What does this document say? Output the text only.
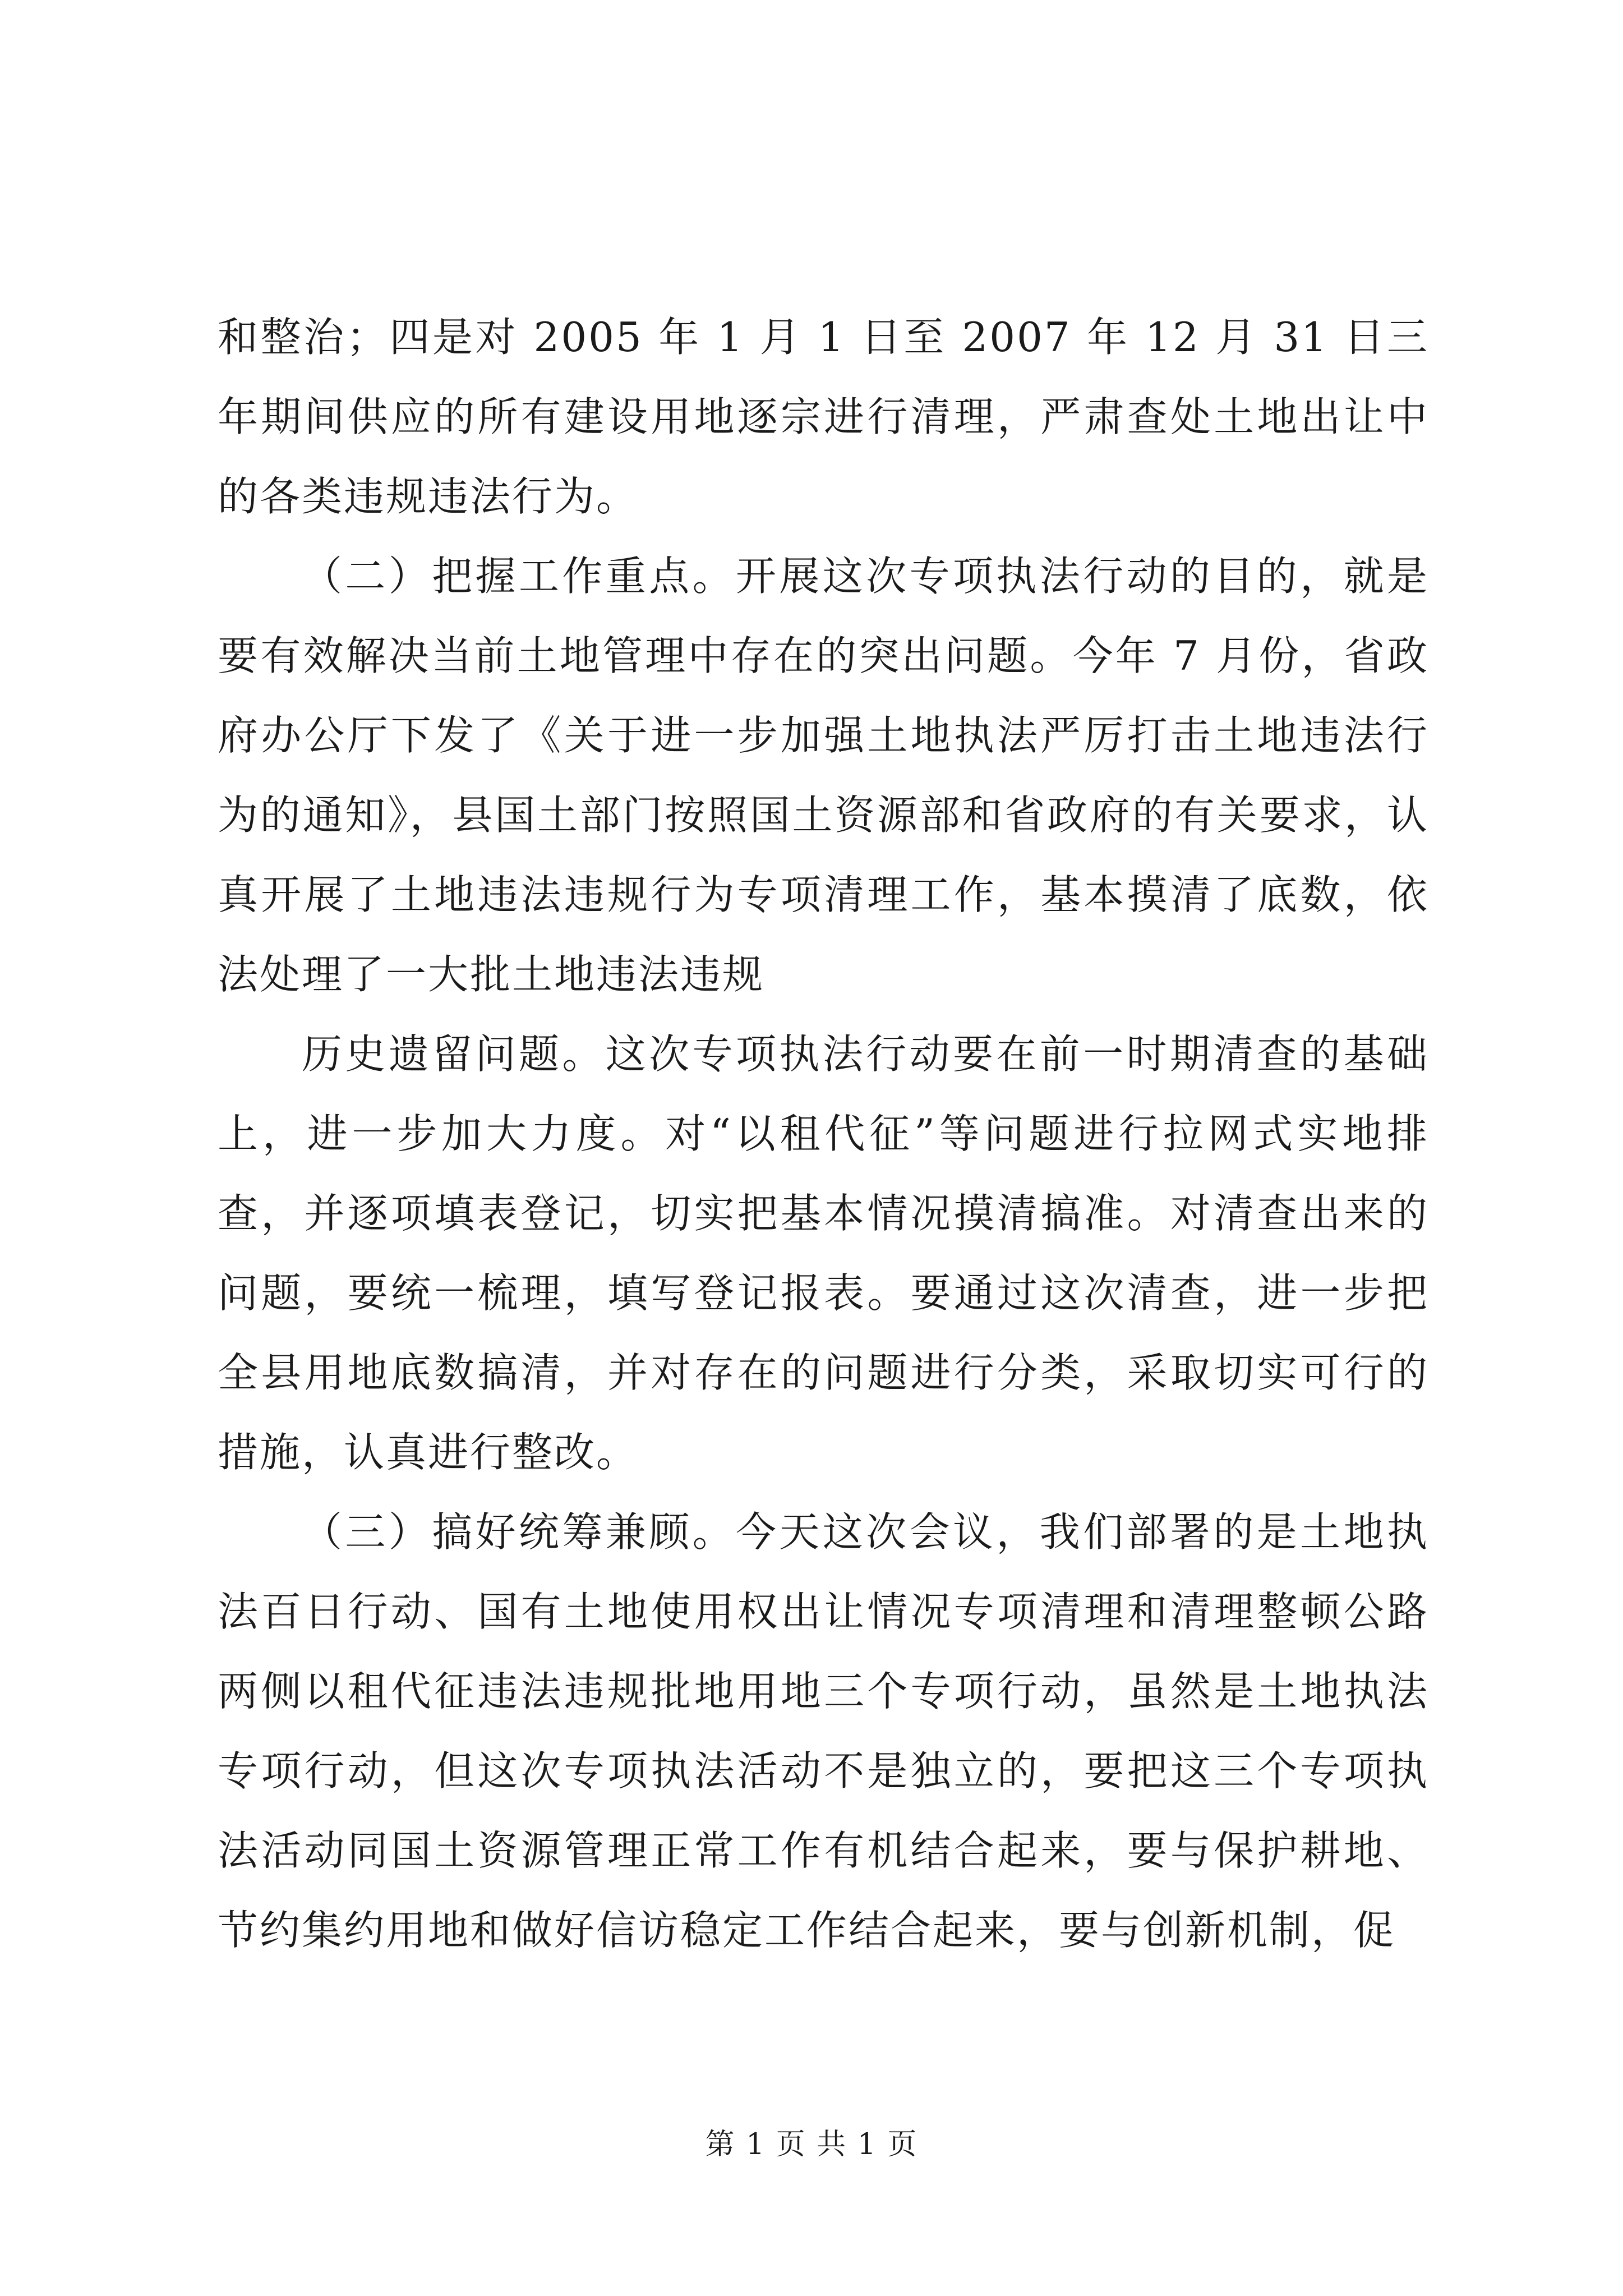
和整治；四是对 2005 年 1 月 1 日至 2007 年 12 月 31 日三年期间供应的所有建设用地逐宗进行清理，严肃查处土地出让中的各类违规违法行为。

（二）把握工作重点。开展这次专项执法行动的目的，就是要有效解决当前土地管理中存在的突出问题。今年 7 月份，省政府办公厅下发了《关于进一步加强土地执法严厉打击土地违法行为的通知》，县国土部门按照国土资源部和省政府的有关要求，认真开展了土地违法违规行为专项清理工作，基本摸清了底数，依法处理了一大批土地违法违规

历史遗留问题。这次专项执法行动要在前一时期清查的基础上，进一步加大力度。对“以租代征”等问题进行拉网式实地排查，并逐项填表登记，切实把基本情况摸清搞准。对清查出来的问题，要统一梳理，填写登记报表。要通过这次清查，进一步把全县用地底数搞清，并对存在的问题进行分类，采取切实可行的措施，认真进行整改。

（三）搞好统筹兼顾。今天这次会议，我们部署的是土地执法百日行动、国有土地使用权出让情况专项清理和清理整顿公路两侧以租代征违法违规批地用地三个专项行动，虽然是土地执法专项行动，但这次专项执法活动不是独立的，要把这三个专项执法活动同国土资源管理正常工作有机结合起来，要与保护耕地、节约集约用地和做好信访稳定工作结合起来，要与创新机制，促

第 1 页 共 1 页
